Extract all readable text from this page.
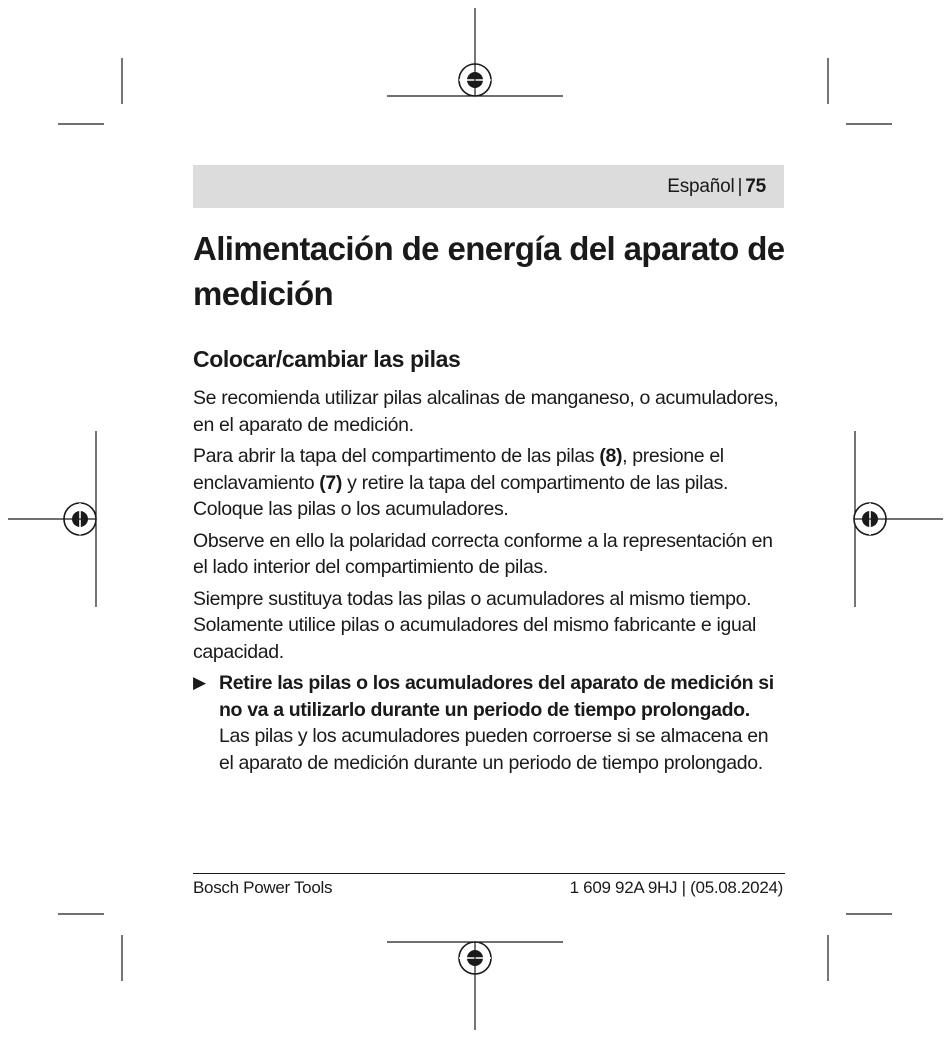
Español | 75
Alimentación de energía del aparato de medición
Colocar/cambiar las pilas

Se recomienda utilizar pilas alcalinas de manganeso, o acumuladores, en el aparato de medición.

Para abrir la tapa del compartimento de las pilas (8), presione el enclavamiento (7) y retire la tapa del compartimento de las pilas. Coloque las pilas o los acumuladores.

Observe en ello la polaridad correcta conforme a la representación en el lado interior del compartimiento de pilas.

Siempre sustituya todas las pilas o acumuladores al mismo tiempo. Solamente utilice pilas o acumuladores del mismo fabricante e igual capacidad.

▶ Retire las pilas o los acumuladores del aparato de medición si no va a utilizarlo durante un periodo de tiempo prolongado. Las pilas y los acumuladores pueden corroerse si se almacena en el aparato de medición durante un periodo de tiempo prolongado.
Bosch Power Tools	1 609 92A 9HJ | (05.08.2024)
